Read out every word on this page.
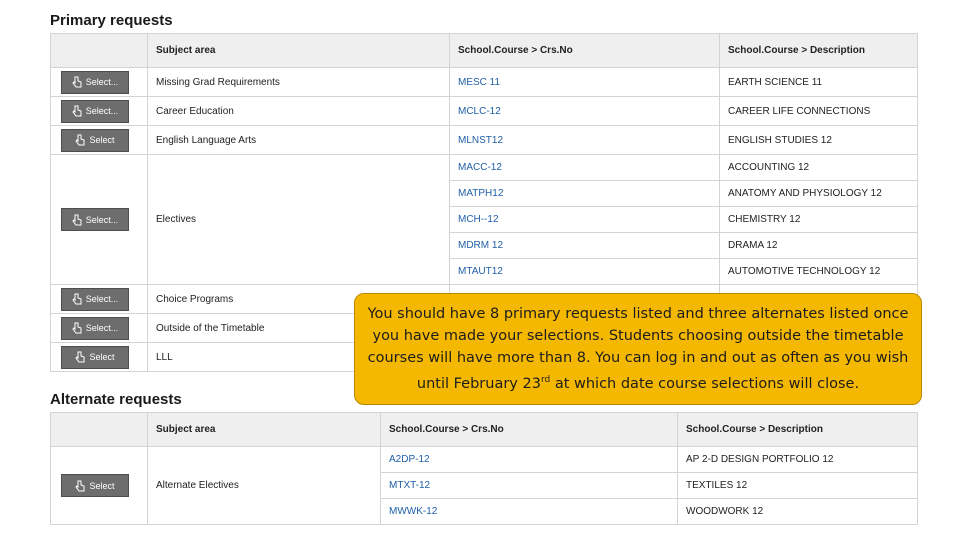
Primary requests
	Subject area	School.Course > Crs.No	School.Course > Description

Select...	Missing Grad Requirements	MESC 11	EARTH SCIENCE 11

Select...	Career Education	MCLC-12	CAREER LIFE CONNECTIONS

Select	English Language Arts	MLNST12	ENGLISH STUDIES 12

Select...	Electives	MACC-12	ACCOUNTING 12
		MATPH12	ANATOMY AND PHYSIOLOGY 12
		MCH--12	CHEMISTRY 12
		MDRM 12	DRAMA 12
		MTAUT12	AUTOMOTIVE TECHNOLOGY 12

Select...	Choice Programs		

Select...	Outside of the Timetable		

Select	LLL		
Alternate requests
	Subject area	School.Course > Crs.No	School.Course > Description

Select	Alternate Electives	A2DP-12	AP 2-D DESIGN PORTFOLIO 12
		MTXT-12	TEXTILES 12
		MWWK-12	WOODWORK 12
You should have 8 primary requests listed and three alternates listed once you have made your selections. Students choosing outside the timetable courses will have more than 8. You can log in and out as often as you wish until February 23rd at which date course selections will close.
